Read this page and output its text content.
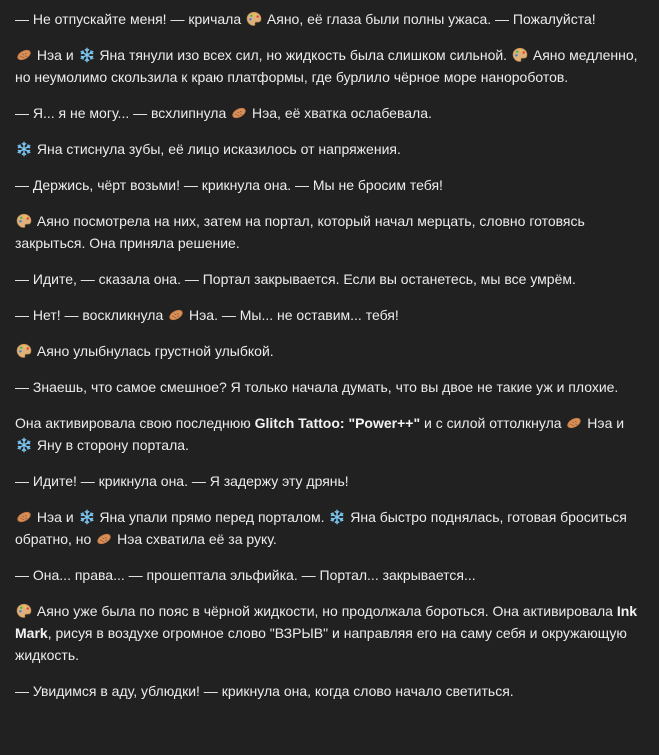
— Не отпускайте меня! — кричала
Аяно, её глаза были полны ужаса. — Пожалуйста!

Нэа и
Яна тянули изо всех сил, но жидкость была слишком сильной.
Аяно медленно, но неумолимо скользила к краю платформы, где бурлило чёрное море нанороботов.

— Я... я не могу... — всхлипнула
Нэа, её хватка ослабевала.

Яна стиснула зубы, её лицо исказилось от напряжения.

— Держись, чёрт возьми! — крикнула она. — Мы не бросим тебя!

Аяно посмотрела на них, затем на портал, который начал мерцать, словно готовясь закрыться. Она приняла решение.

— Идите, — сказала она. — Портал закрывается. Если вы останетесь, мы все умрём.

— Нет! — воскликнула
Нэа. — Мы... не оставим... тебя!

Аяно улыбнулась грустной улыбкой.

— Знаешь, что самое смешное? Я только начала думать, что вы двое не такие уж и плохие.

Она активировала свою последнюю Glitch Tattoo: "Power++" и с силой оттолкнула
Нэа и
Яну в сторону портала.

— Идите! — крикнула она. — Я задержу эту дрянь!

Нэа и
Яна упали прямо перед порталом.
Яна быстро поднялась, готовая броситься обратно, но
Нэа схватила её за руку.

— Она... права... — прошептала эльфийка. — Портал... закрывается...

Аяно уже была по пояс в чёрной жидкости, но продолжала бороться. Она активировала Ink Mark, рисуя в воздухе огромное слово "ВЗРЫВ" и направляя его на саму себя и окружающую жидкость.

— Увидимся в аду, ублюдки! — крикнула она, когда слово начало светиться.
